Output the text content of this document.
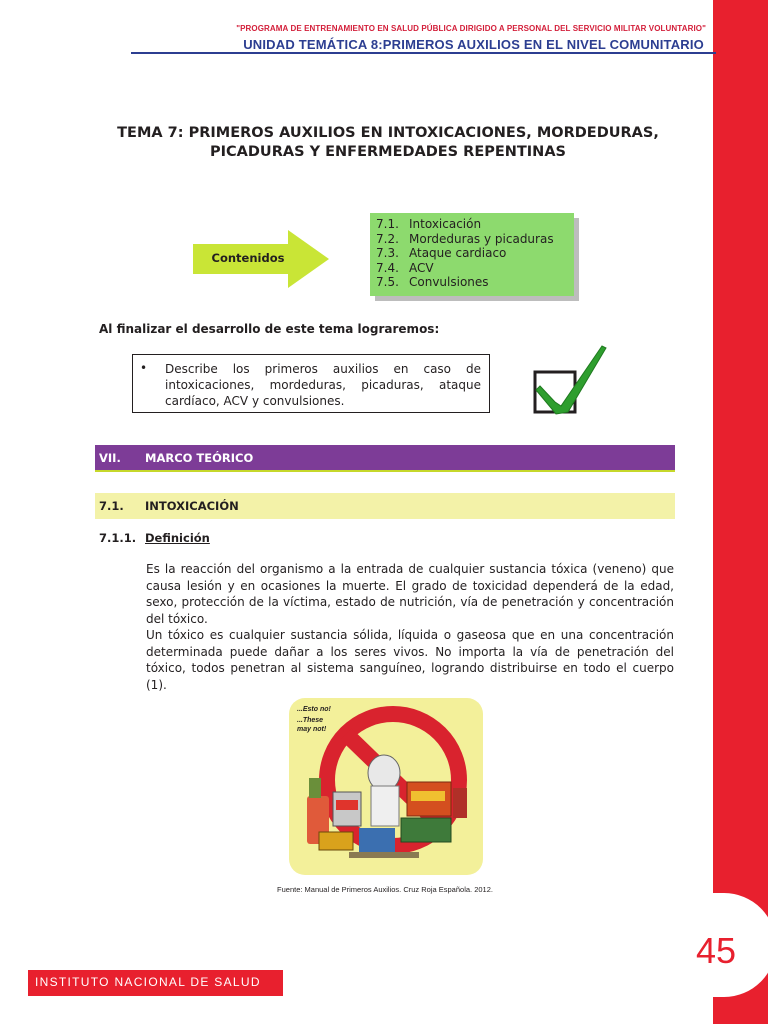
45
"PROGRAMA DE ENTRENAMIENTO EN SALUD PÚBLICA DIRIGIDO A PERSONAL DEL SERVICIO MILITAR VOLUNTARIO"
UNIDAD TEMÁTICA 8:PRIMEROS AUXILIOS EN EL NIVEL COMUNITARIO
TEMA 7: PRIMEROS AUXILIOS EN INTOXICACIONES, MORDEDURAS,
PICADURAS Y ENFERMEDADES REPENTINAS
Contenidos
7.1. Intoxicación
7.2. Mordeduras y picaduras
7.3. Ataque cardiaco
7.4. ACV
7.5. Convulsiones
Al finalizar el desarrollo de este tema lograremos:
• Describe los primeros auxilios en caso de intoxicaciones, mordeduras, picaduras, ataque cardíaco, ACV y convulsiones.
VII. MARCO TEÓRICO
7.1. INTOXICACIÓN
7.1.1. Definición
Es la reacción del organismo a la entrada de cualquier sustancia tóxica (veneno) que causa lesión y en ocasiones la muerte. El grado de toxicidad dependerá de la edad, sexo, protección de la víctima, estado de nutrición, vía de penetración y concentración del tóxico.
Un tóxico es cualquier sustancia sólida, líquida o gaseosa que en una concentración determinada puede dañar a los seres vivos. No importa la vía de penetración del tóxico, todos penetran al sistema sanguíneo, logrando distribuirse en todo el cuerpo (1).
...Esto no!
...These
may not!
Fuente: Manual de Primeros Auxilios. Cruz Roja Española. 2012.
INSTITUTO NACIONAL DE SALUD
